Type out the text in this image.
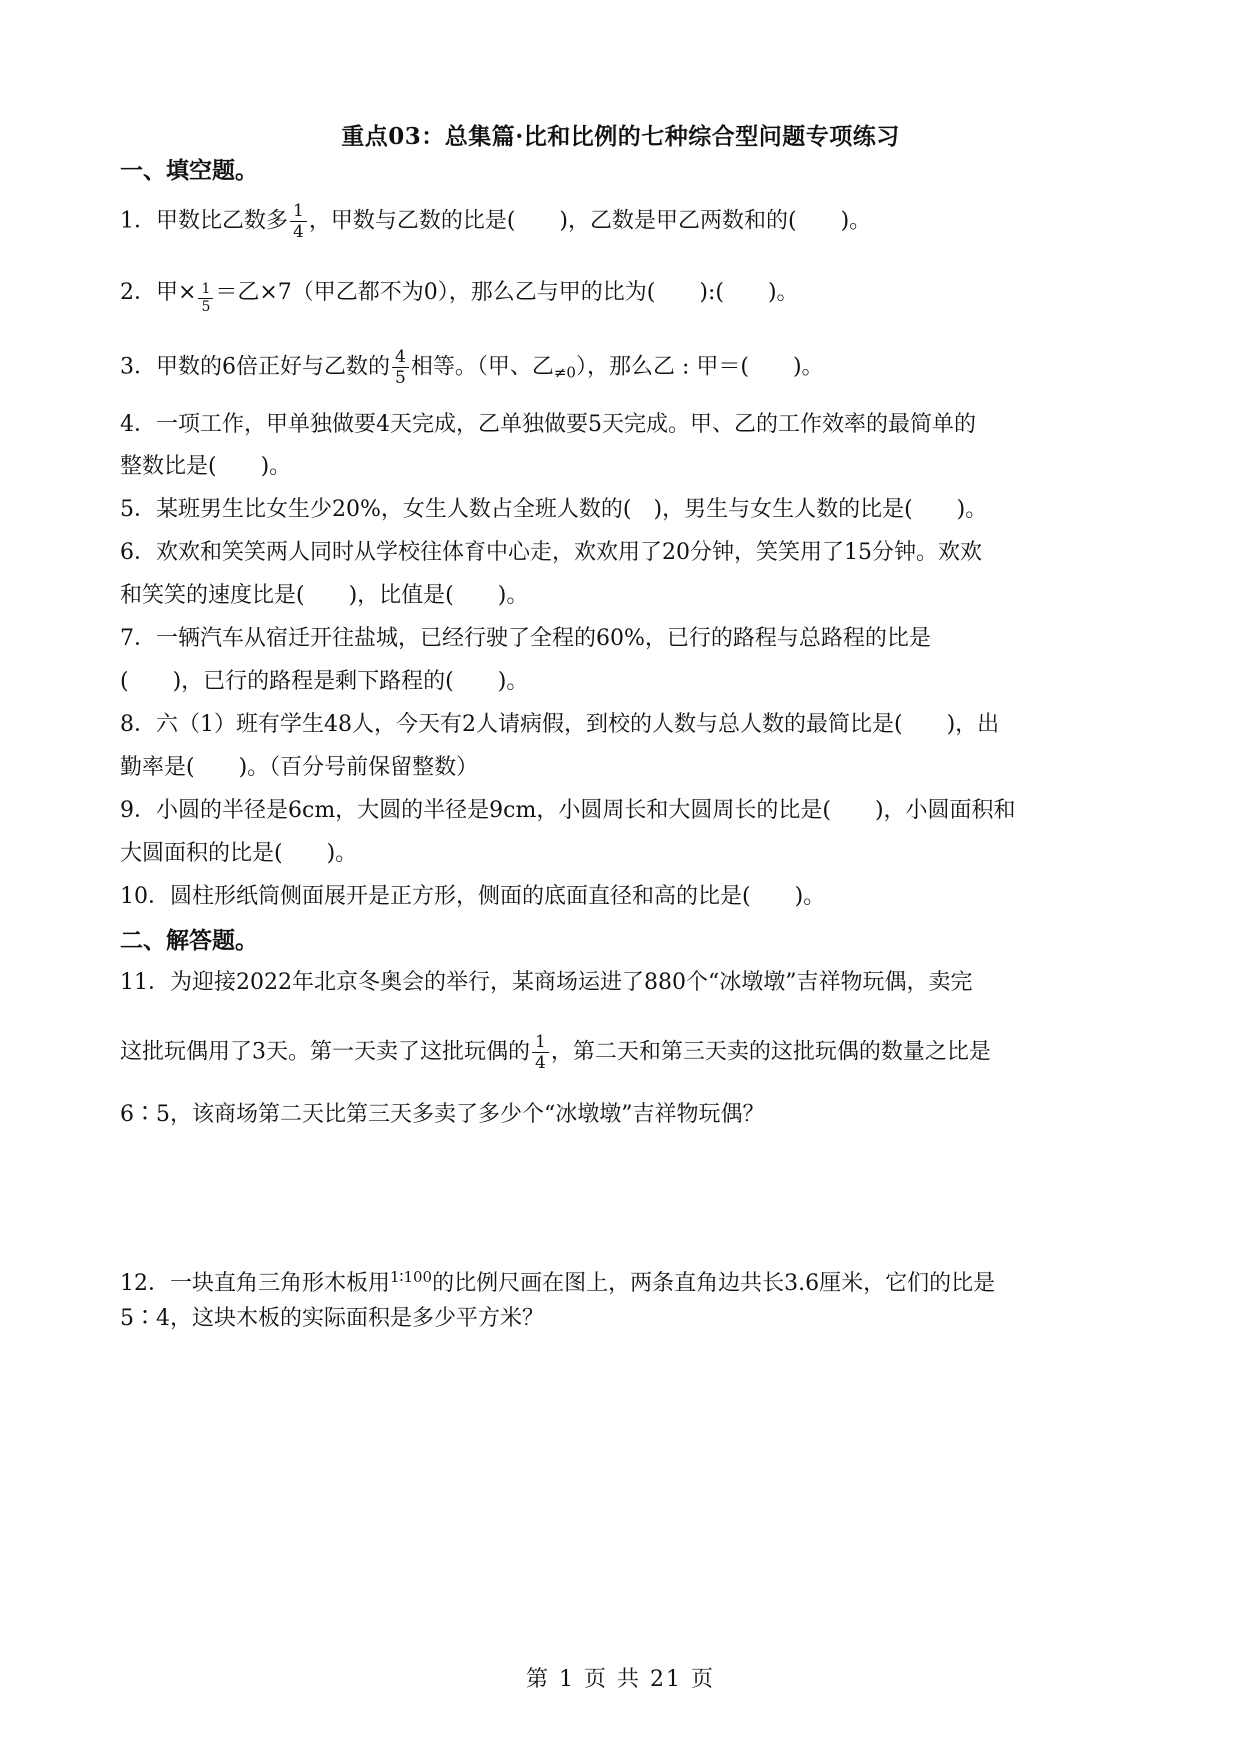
重点03：总集篇·比和比例的七种综合型问题专项练习
一、填空题。
1．甲数比乙数多 $\frac{1}{4}$ ，甲数与乙数的比是(　　)，乙数是甲乙两数和的(　　)。
2．甲× $\frac{1}{5}$ ＝乙×7（甲乙都不为0），那么乙与甲的比为(　　):(　　)。
3．甲数的6倍正好与乙数的 $\frac{4}{5}$ 相等。（甲、乙$_{\ne 0}$），那么乙 : 甲＝(　　)。
4．一项工作，甲单独做要4天完成，乙单独做要5天完成。甲、乙的工作效率的最简单的
整数比是(　　)。
5．某班男生比女生少20%，女生人数占全班人数的(　)，男生与女生人数的比是(　　)。
6．欢欢和笑笑两人同时从学校往体育中心走，欢欢用了20分钟，笑笑用了15分钟。欢欢
和笑笑的速度比是(　　)，比值是(　　)。
7．一辆汽车从宿迁开往盐城，已经行驶了全程的60%，已行的路程与总路程的比是
(　　)，已行的路程是剩下路程的(　　)。
8．六（1）班有学生48人，今天有2人请病假，到校的人数与总人数的最简比是(　　)，出
勤率是(　　)。（百分号前保留整数）
9．小圆的半径是6cm，大圆的半径是9cm，小圆周长和大圆周长的比是(　　)，小圆面积和
大圆面积的比是(　　)。
10．圆柱形纸筒侧面展开是正方形，侧面的底面直径和高的比是(　　)。
二、解答题。
11．为迎接2022年北京冬奥会的举行，某商场运进了880个“冰墩墩”吉祥物玩偶，卖完
这批玩偶用了3天。第一天卖了这批玩偶的 $\frac{1}{4}$ ，第二天和第三天卖的这批玩偶的数量之比是
6∶5，该商场第二天比第三天多卖了多少个“冰墩墩”吉祥物玩偶？
12．一块直角三角形木板用$^{1∶100}$的比例尺画在图上，两条直角边共长3.6厘米，它们的比是
5∶4，这块木板的实际面积是多少平方米？
第 1 页 共 21 页
